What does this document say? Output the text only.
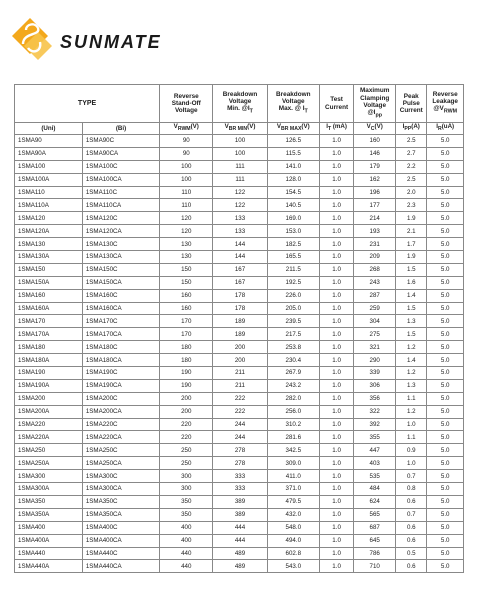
SUNMATE
TYPE		Reverse
Stand-Off
Voltage	Breakdown
Voltage
Min. $@I_T$	Breakdown
Voltage
Max. @ $I_T$	Test
Current	Maximum
Clamping
Voltage
$@I_{pp}$	Peak
Pulse
Current	Reverse
Leakage
$@V_{RWM}$
(Uni)	(Bi)	$V_{RWM}(V)$	$V_{BR MIN}(V)$	$V_{BR MAX}(V)$	$I_T$ (mA)	$V_C(V)$	$I_{PP}(A)$	$I_R(uA)$
1SMA90	1SMA90C	90	100	126.5	1.0	160	2.5	5.0
1SMA90A	1SMA90CA	90	100	115.5	1.0	146	2.7	5.0
1SMA100	1SMA100C	100	111	141.0	1.0	179	2.2	5.0
1SMA100A	1SMA100CA	100	111	128.0	1.0	162	2.5	5.0
1SMA110	1SMA110C	110	122	154.5	1.0	196	2.0	5.0
1SMA110A	1SMA110CA	110	122	140.5	1.0	177	2.3	5.0
1SMA120	1SMA120C	120	133	169.0	1.0	214	1.9	5.0
1SMA120A	1SMA120CA	120	133	153.0	1.0	193	2.1	5.0
1SMA130	1SMA130C	130	144	182.5	1.0	231	1.7	5.0
1SMA130A	1SMA130CA	130	144	165.5	1.0	209	1.9	5.0
1SMA150	1SMA150C	150	167	211.5	1.0	268	1.5	5.0
1SMA150A	1SMA150CA	150	167	192.5	1.0	243	1.6	5.0
1SMA160	1SMA160C	160	178	226.0	1.0	287	1.4	5.0
1SMA160A	1SMA160CA	160	178	205.0	1.0	259	1.5	5.0
1SMA170	1SMA170C	170	189	239.5	1.0	304	1.3	5.0
1SMA170A	1SMA170CA	170	189	217.5	1.0	275	1.5	5.0
1SMA180	1SMA180C	180	200	253.8	1.0	321	1.2	5.0
1SMA180A	1SMA180CA	180	200	230.4	1.0	290	1.4	5.0
1SMA190	1SMA190C	190	211	267.9	1.0	339	1.2	5.0
1SMA190A	1SMA190CA	190	211	243.2	1.0	306	1.3	5.0
1SMA200	1SMA200C	200	222	282.0	1.0	356	1.1	5.0
1SMA200A	1SMA200CA	200	222	256.0	1.0	322	1.2	5.0
1SMA220	1SMA220C	220	244	310.2	1.0	392	1.0	5.0
1SMA220A	1SMA220CA	220	244	281.6	1.0	355	1.1	5.0
1SMA250	1SMA250C	250	278	342.5	1.0	447	0.9	5.0
1SMA250A	1SMA250CA	250	278	309.0	1.0	403	1.0	5.0
1SMA300	1SMA300C	300	333	411.0	1.0	535	0.7	5.0
1SMA300A	1SMA300CA	300	333	371.0	1.0	484	0.8	5.0
1SMA350	1SMA350C	350	389	479.5	1.0	624	0.6	5.0
1SMA350A	1SMA350CA	350	389	432.0	1.0	565	0.7	5.0
1SMA400	1SMA400C	400	444	548.0	1.0	687	0.6	5.0
1SMA400A	1SMA400CA	400	444	494.0	1.0	645	0.6	5.0
1SMA440	1SMA440C	440	489	602.8	1.0	786	0.5	5.0
1SMA440A	1SMA440CA	440	489	543.0	1.0	710	0.6	5.0
